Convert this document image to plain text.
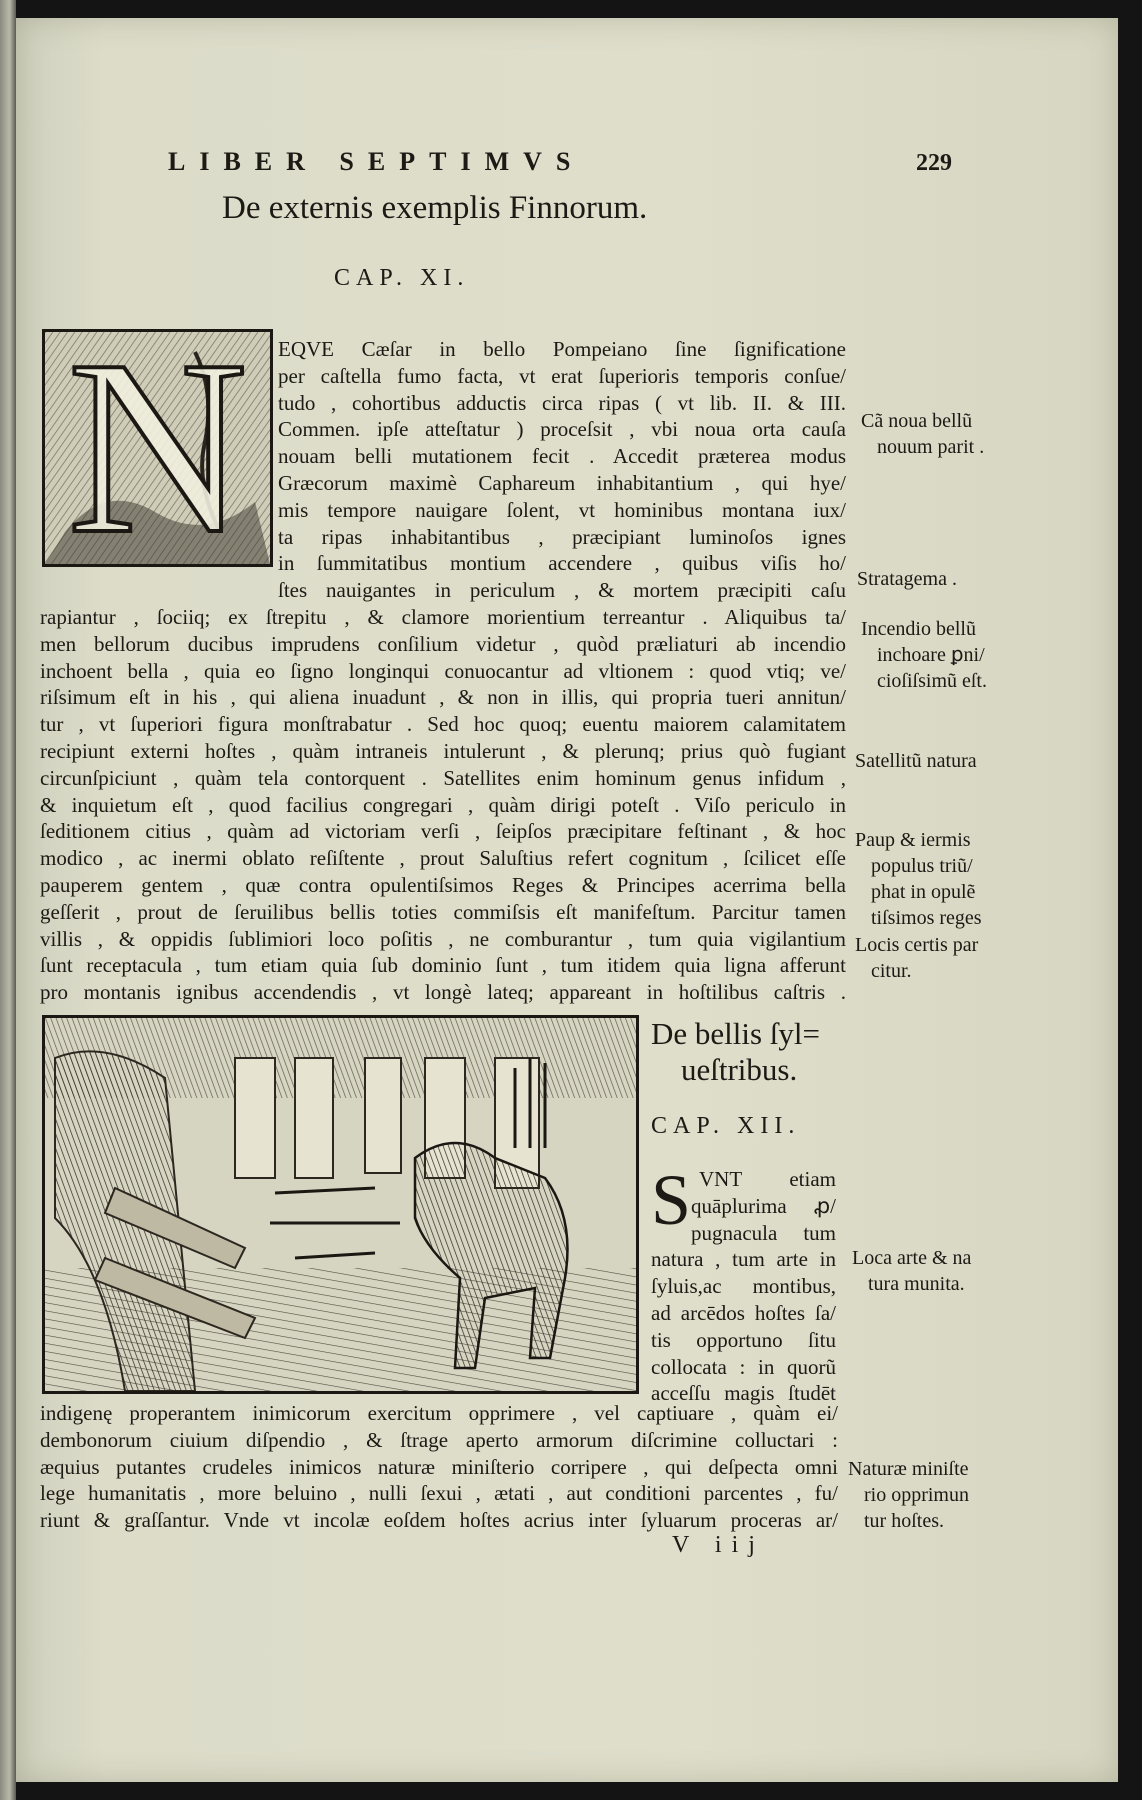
LIBER SEPTIMVS	229
De externis exemplis Finnorum.
CAP. XI.
N	EQVE Cæſar in bello Pompeiano ſine ſignificatione
per caſtella fumo facta, vt erat ſuperioris temporis conſue/
tudo , cohortibus adductis circa ripas ( vt lib. II. & III.
Commen. ipſe atteſtatur ) proceſsit , vbi noua orta cauſa
nouam belli mutationem fecit . Accedit præterea modus
Græcorum maximè Caphareum inhabitantium , qui hye/
mis tempore nauigare ſolent, vt hominibus montana iux/
ta ripas inhabitantibus , præcipiant luminoſos ignes
in ſummitatibus montium accendere , quibus viſis ho/
ſtes nauigantes in periculum , & mortem præcipiti caſu
rapiantur , ſociiq; ex ſtrepitu , & clamore morientium terreantur . Aliquibus ta/
men bellorum ducibus imprudens conſilium videtur , quòd præliaturi ab incendio
inchoent bella , quia eo ſigno longinqui conuocantur ad vltionem : quod vtiq; ve/
riſsimum eſt in his , qui aliena inuadunt , & non in illis, qui propria tueri annitun/
tur , vt ſuperiori figura monſtrabatur . Sed hoc quoq; euentu maiorem calamitatem
recipiunt externi hoſtes , quàm intraneis intulerunt , & plerunq; prius quò fugiant
circunſpiciunt , quàm tela contorquent . Satellites enim hominum genus infidum ,
& inquietum eſt , quod facilius congregari , quàm dirigi poteſt . Viſo periculo in
ſeditionem citius , quàm ad victoriam verſi , ſeipſos præcipitare feſtinant , & hoc
modico , ac inermi oblato reſiſtente , prout Saluſtius refert cognitum , ſcilicet eſſe
pauperem gentem , quæ contra opulentiſsimos Reges & Principes acerrima bella
geſſerit , prout de ſeruilibus bellis toties commiſsis eſt manifeſtum. Parcitur tamen
villis , & oppidis ſublimiori loco poſitis , ne comburantur , tum quia vigilantium
ſunt receptacula , tum etiam quia ſub dominio ſunt , tum itidem quia ligna afferunt
pro montanis ignibus accendendis , vt longè lateq; appareant in hoſtilibus caſtris .
De bellis ſyl=
ueſtribus.
CAP. XII.
S VNT etiam
quāplurima ꝓ/
pugnacula tum
natura , tum arte in
ſyluis,ac montibus,
ad arcēdos hoſtes ſa/
tis opportuno ſitu
collocata : in quorũ
acceſſu magis ſtudēt
indigenę properantem inimicorum exercitum opprimere , vel captiuare , quàm ei/
dembonorum ciuium diſpendio , & ſtrage aperto armorum diſcrimine colluctari :
æquius putantes crudeles inimicos naturæ miniſterio corripere , qui deſpecta omni
lege humanitatis , more beluino , nulli ſexui , ætati , aut conditioni parcentes , fu/
riunt & graſſantur. Vnde vt incolæ eoſdem hoſtes acrius inter ſyluarum proceras ar/
Cã noua bellũ
nouum parit .
Stratagema .
Incendio bellũ
inchoare ꝑni/
cioſiſsimũ eſt.
Satellitũ natura
Paup & iermis
populus triũ/
phat in opulẽ
tiſsimos reges
Locis certis par
citur.
Loca arte & na
tura munita.
Naturæ miniſte
rio opprimun
tur hoſtes.
V iij
